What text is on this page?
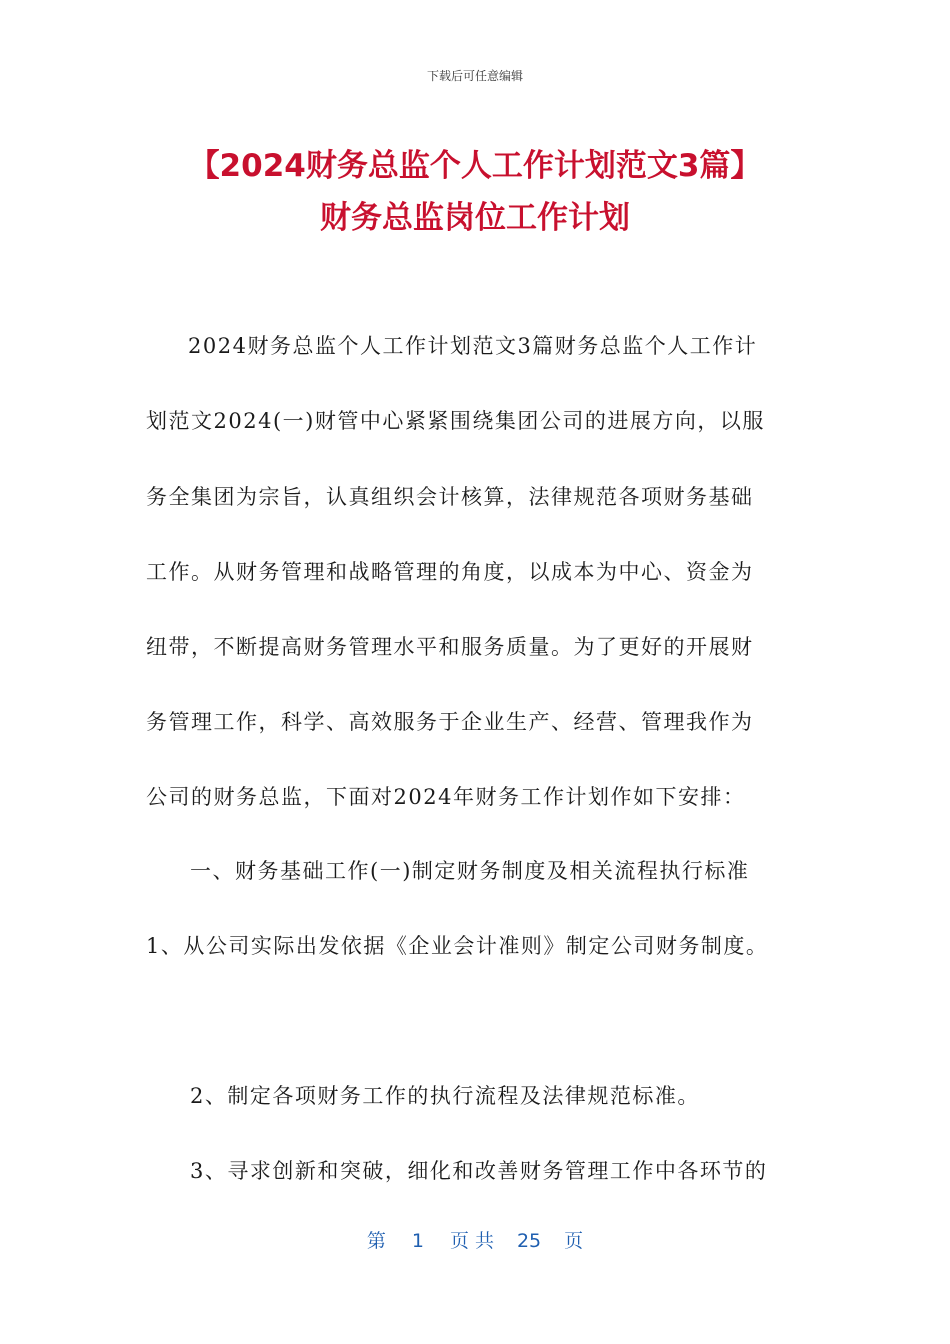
下载后可任意编辑
【2024财务总监个人工作计划范文3篇】
财务总监岗位工作计划
2024财务总监个人工作计划范文3篇财务总监个人工作计
划范文2024(一)财管中心紧紧围绕集团公司的进展方向，以服
务全集团为宗旨，认真组织会计核算，法律规范各项财务基础
工作。从财务管理和战略管理的角度，以成本为中心、资金为
纽带，不断提高财务管理水平和服务质量。为了更好的开展财
务管理工作，科学、高效服务于企业生产、经营、管理我作为
公司的财务总监，下面对2024年财务工作计划作如下安排：
一、财务基础工作(一)制定财务制度及相关流程执行标准
1、从公司实际出发依据《企业会计准则》制定公司财务制度。
2、制定各项财务工作的执行流程及法律规范标准。
3、寻求创新和突破，细化和改善财务管理工作中各环节的
第 1 页 共 25 页
